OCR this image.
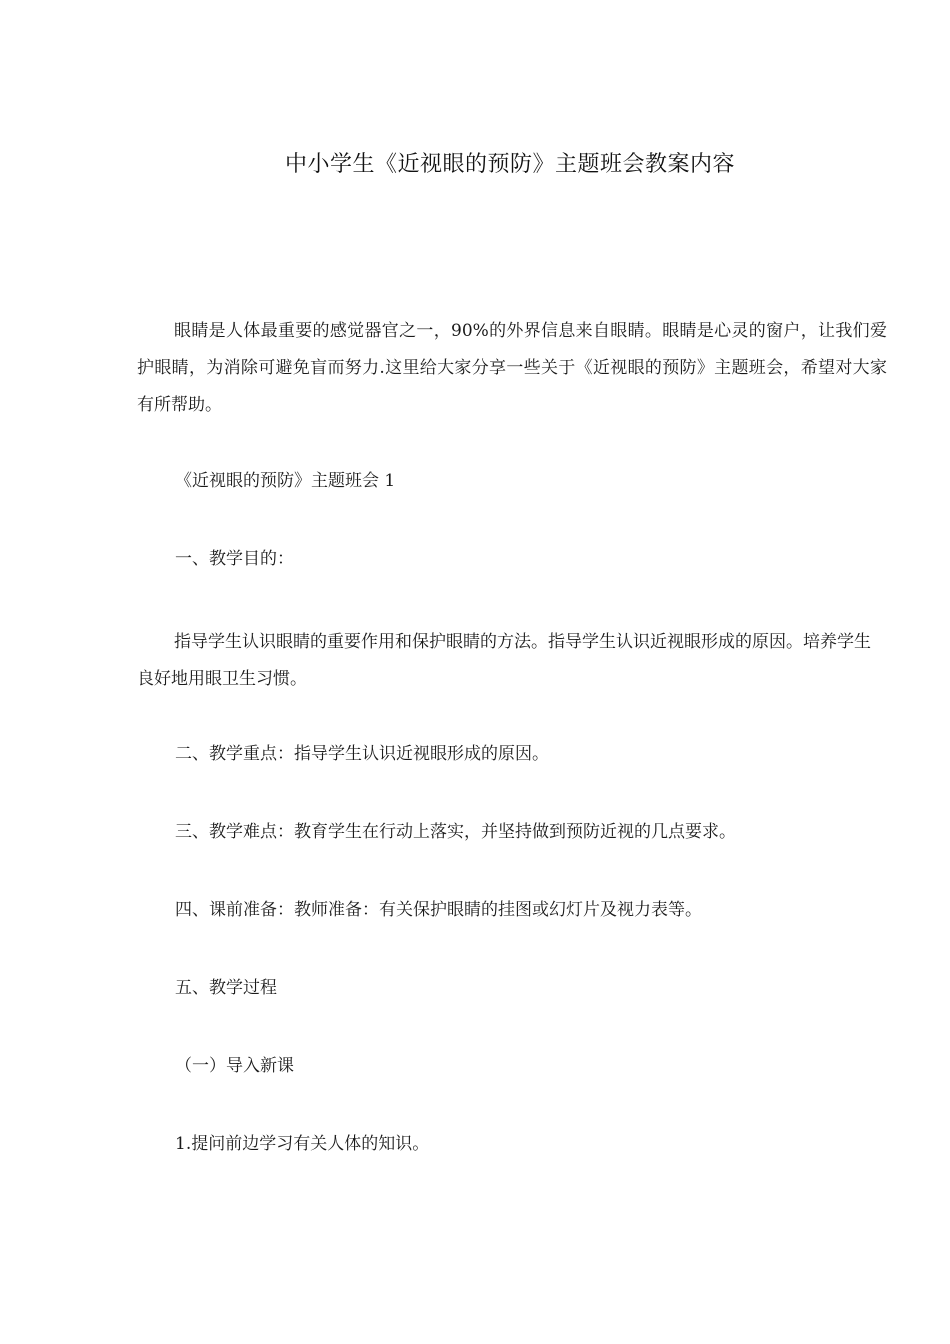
中小学生《近视眼的预防》主题班会教案内容
眼睛是人体最重要的感觉器官之一，90%的外界信息来自眼睛。眼睛是心灵的窗户，让我们爱护眼睛，为消除可避免盲而努力.这里给大家分享一些关于《近视眼的预防》主题班会，希望对大家有所帮助。
《近视眼的预防》主题班会 1
一、教学目的：
指导学生认识眼睛的重要作用和保护眼睛的方法。指导学生认识近视眼形成的原因。培养学生良好地用眼卫生习惯。
二、教学重点：指导学生认识近视眼形成的原因。
三、教学难点：教育学生在行动上落实，并坚持做到预防近视的几点要求。
四、课前准备：教师准备：有关保护眼睛的挂图或幻灯片及视力表等。
五、教学过程
（一）导入新课
1.提问前边学习有关人体的知识。
